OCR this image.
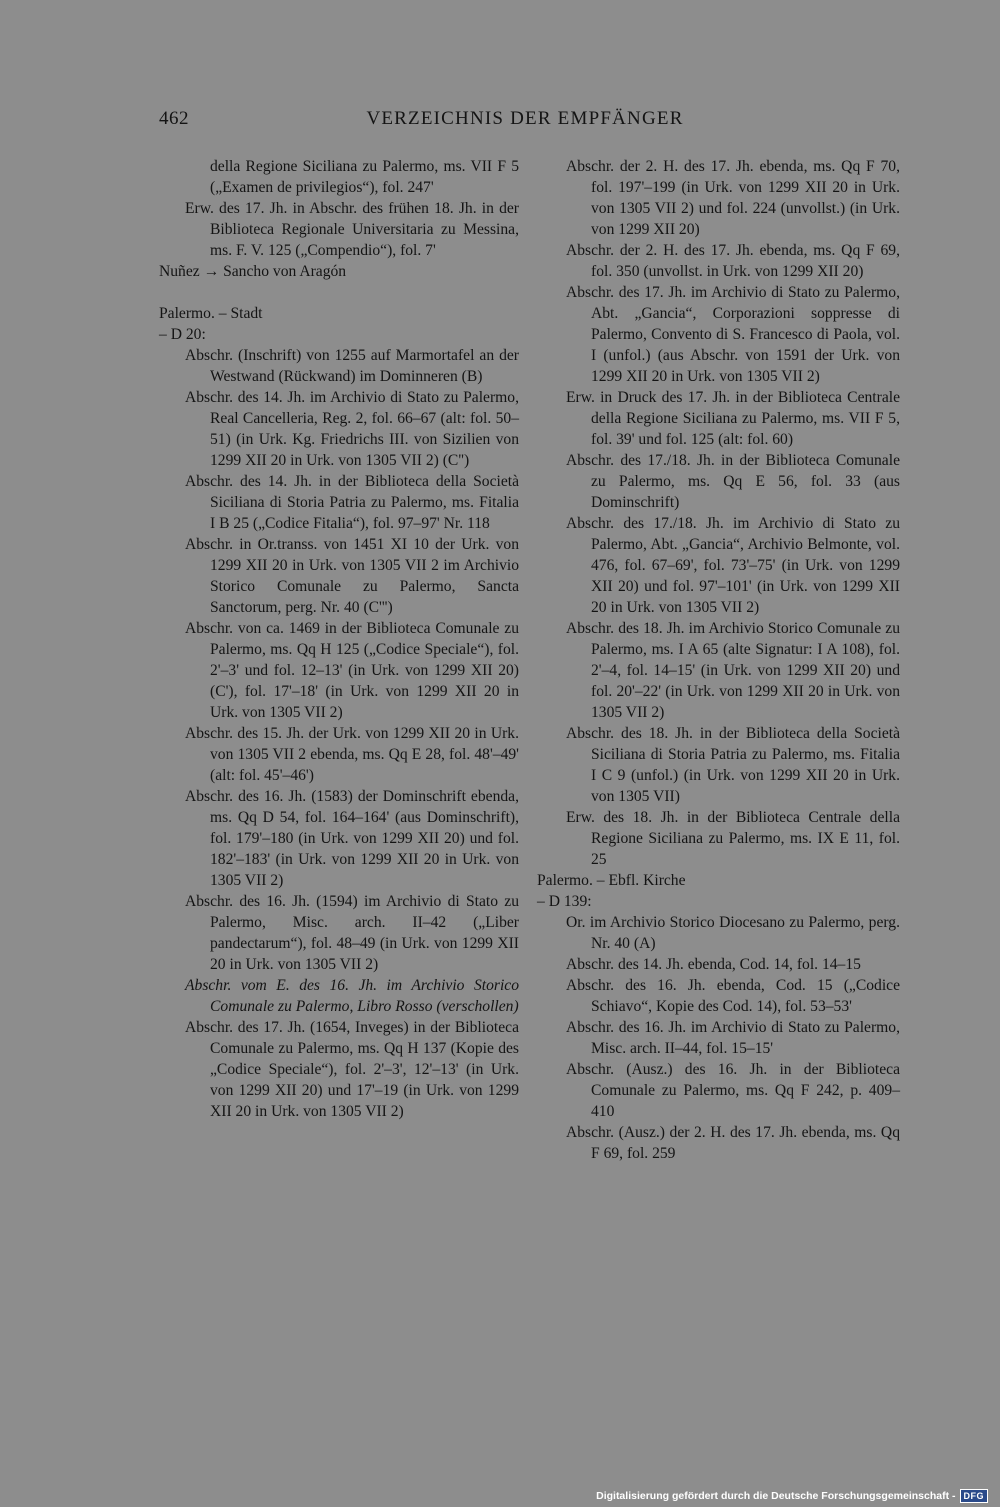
462	VERZEICHNIS DER EMPFÄNGER
della Regione Siciliana zu Palermo, ms. VII F 5 („Examen de privilegios“), fol. 247'
Erw. des 17. Jh. in Abschr. des frühen 18. Jh. in der Biblioteca Regionale Universitaria zu Messina, ms. F. V. 125 („Compendio“), fol. 7'
Nuñez → Sancho von Aragón
Palermo. – Stadt
– D 20:
Abschr. (Inschrift) von 1255 auf Marmortafel an der Westwand (Rückwand) im Dominneren (B)
Abschr. des 14. Jh. im Archivio di Stato zu Palermo, Real Cancelleria, Reg. 2, fol. 66–67 (alt: fol. 50–51) (in Urk. Kg. Friedrichs III. von Sizilien von 1299 XII 20 in Urk. von 1305 VII 2) (C'')
Abschr. des 14. Jh. in der Biblioteca della Società Siciliana di Storia Patria zu Palermo, ms. Fitalia I B 25 („Codice Fitalia“), fol. 97–97' Nr. 118
Abschr. in Or.transs. von 1451 XI 10 der Urk. von 1299 XII 20 in Urk. von 1305 VII 2 im Archivio Storico Comunale zu Palermo, Sancta Sanctorum, perg. Nr. 40 (C''')
Abschr. von ca. 1469 in der Biblioteca Comunale zu Palermo, ms. Qq H 125 („Codice Speciale“), fol. 2'–3' und fol. 12–13' (in Urk. von 1299 XII 20) (C'), fol. 17'–18' (in Urk. von 1299 XII 20 in Urk. von 1305 VII 2)
Abschr. des 15. Jh. der Urk. von 1299 XII 20 in Urk. von 1305 VII 2 ebenda, ms. Qq E 28, fol. 48'–49' (alt: fol. 45'–46')
Abschr. des 16. Jh. (1583) der Dominschrift ebenda, ms. Qq D 54, fol. 164–164' (aus Dominschrift), fol. 179'–180 (in Urk. von 1299 XII 20) und fol. 182'–183' (in Urk. von 1299 XII 20 in Urk. von 1305 VII 2)
Abschr. des 16. Jh. (1594) im Archivio di Stato zu Palermo, Misc. arch. II–42 („Liber pandectarum“), fol. 48–49 (in Urk. von 1299 XII 20 in Urk. von 1305 VII 2)
Abschr. vom E. des 16. Jh. im Archivio Storico Comunale zu Palermo, Libro Rosso (verschollen)
Abschr. des 17. Jh. (1654, Inveges) in der Biblioteca Comunale zu Palermo, ms. Qq H 137 (Kopie des „Codice Speciale“), fol. 2'–3', 12'–13' (in Urk. von 1299 XII 20) und 17'–19 (in Urk. von 1299 XII 20 in Urk. von 1305 VII 2)
Abschr. der 2. H. des 17. Jh. ebenda, ms. Qq F 70, fol. 197'–199 (in Urk. von 1299 XII 20 in Urk. von 1305 VII 2) und fol. 224 (unvollst.) (in Urk. von 1299 XII 20)
Abschr. der 2. H. des 17. Jh. ebenda, ms. Qq F 69, fol. 350 (unvollst. in Urk. von 1299 XII 20)
Abschr. des 17. Jh. im Archivio di Stato zu Palermo, Abt. „Gancia“, Corporazioni soppresse di Palermo, Convento di S. Francesco di Paola, vol. I (unfol.) (aus Abschr. von 1591 der Urk. von 1299 XII 20 in Urk. von 1305 VII 2)
Erw. in Druck des 17. Jh. in der Biblioteca Centrale della Regione Siciliana zu Palermo, ms. VII F 5, fol. 39' und fol. 125 (alt: fol. 60)
Abschr. des 17./18. Jh. in der Biblioteca Comunale zu Palermo, ms. Qq E 56, fol. 33 (aus Dominschrift)
Abschr. des 17./18. Jh. im Archivio di Stato zu Palermo, Abt. „Gancia“, Archivio Belmonte, vol. 476, fol. 67–69', fol. 73'–75' (in Urk. von 1299 XII 20) und fol. 97'–101' (in Urk. von 1299 XII 20 in Urk. von 1305 VII 2)
Abschr. des 18. Jh. im Archivio Storico Comunale zu Palermo, ms. I A 65 (alte Signatur: I A 108), fol. 2'–4, fol. 14–15' (in Urk. von 1299 XII 20) und fol. 20'–22' (in Urk. von 1299 XII 20 in Urk. von 1305 VII 2)
Abschr. des 18. Jh. in der Biblioteca della Società Siciliana di Storia Patria zu Palermo, ms. Fitalia I C 9 (unfol.) (in Urk. von 1299 XII 20 in Urk. von 1305 VII)
Erw. des 18. Jh. in der Biblioteca Centrale della Regione Siciliana zu Palermo, ms. IX E 11, fol. 25
Palermo. – Ebfl. Kirche
– D 139:
Or. im Archivio Storico Diocesano zu Palermo, perg. Nr. 40 (A)
Abschr. des 14. Jh. ebenda, Cod. 14, fol. 14–15
Abschr. des 16. Jh. ebenda, Cod. 15 („Codice Schiavo“, Kopie des Cod. 14), fol. 53–53'
Abschr. des 16. Jh. im Archivio di Stato zu Palermo, Misc. arch. II–44, fol. 15–15'
Abschr. (Ausz.) des 16. Jh. in der Biblioteca Comunale zu Palermo, ms. Qq F 242, p. 409–410
Abschr. (Ausz.) der 2. H. des 17. Jh. ebenda, ms. Qq F 69, fol. 259
Digitalisierung gefördert durch die Deutsche Forschungsgemeinschaft - DFG
